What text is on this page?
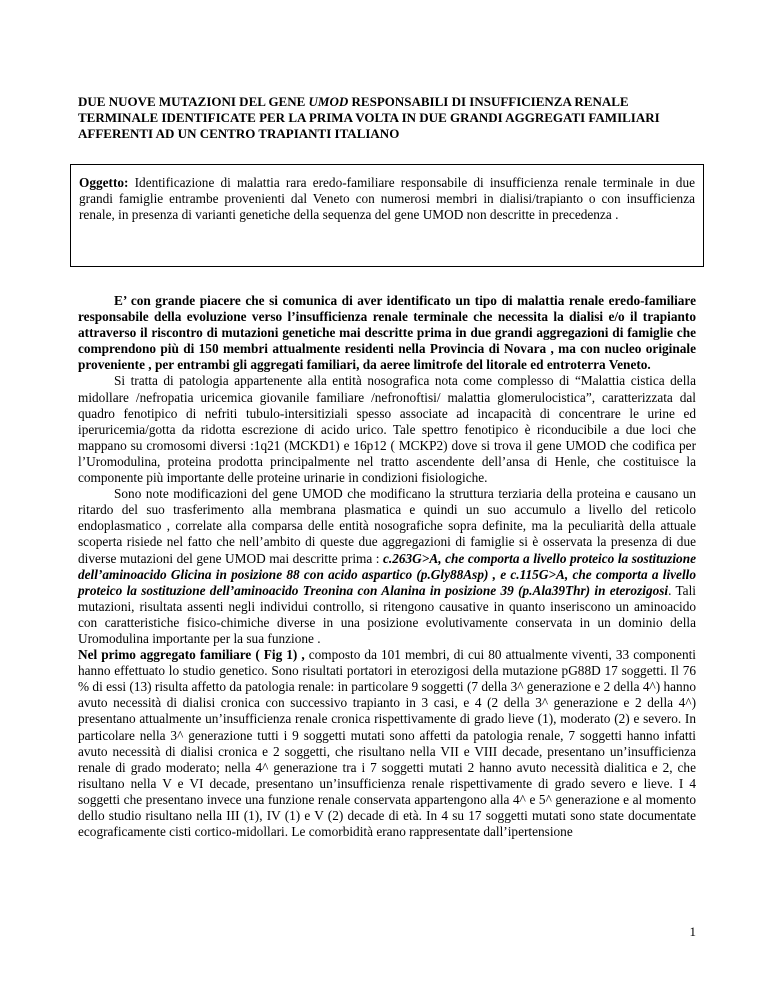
DUE NUOVE MUTAZIONI DEL GENE UMOD RESPONSABILI DI INSUFFICIENZA RENALE TERMINALE IDENTIFICATE PER LA PRIMA VOLTA IN DUE GRANDI AGGREGATI FAMILIARI AFFERENTI AD UN CENTRO TRAPIANTI ITALIANO
Oggetto: Identificazione di malattia rara eredo-familiare responsabile di insufficienza renale terminale in due grandi famiglie entrambe provenienti dal Veneto con numerosi membri in dialisi/trapianto o con insufficienza renale, in presenza di varianti genetiche della sequenza del gene UMOD non descritte in precedenza .

E’ con grande piacere che si comunica di aver identificato un tipo di malattia renale eredo-familiare responsabile della evoluzione verso l’insufficienza renale terminale che necessita la dialisi e/o il trapianto attraverso il riscontro di mutazioni genetiche mai descritte prima in due grandi aggregazioni di famiglie che comprendono più di 150 membri attualmente residenti nella Provincia di Novara , ma con nucleo originale proveniente , per entrambi gli aggregati familiari, da aeree limitrofe del litorale ed entroterra Veneto.

Si tratta di patologia appartenente alla entità nosografica nota come complesso di “Malattia cistica della midollare /nefropatia uricemica giovanile familiare /nefronoftisi/ malattia glomerulocistica”, caratterizzata dal quadro fenotipico di nefriti tubulo-intersitiziali spesso associate ad incapacità di concentrare le urine ed iperuricemia/gotta da ridotta escrezione di acido urico. Tale spettro fenotipico è riconducibile a due loci che mappano su cromosomi diversi :1q21 (MCKD1) e 16p12 ( MCKP2) dove si trova il gene UMOD che codifica per l’Uromodulina, proteina prodotta principalmente nel tratto ascendente dell’ansa di Henle, che costituisce la componente più importante delle proteine urinarie in condizioni fisiologiche.

Sono note modificazioni del gene UMOD che modificano la struttura terziaria della proteina e causano un ritardo del suo trasferimento alla membrana plasmatica e quindi un suo accumulo a livello del reticolo endoplasmatico , correlate alla comparsa delle entità nosografiche sopra definite, ma la peculiarità della attuale scoperta risiede nel fatto che nell’ambito di queste due aggregazioni di famiglie si è osservata la presenza di due diverse mutazioni del gene UMOD mai descritte prima : c.263G>A, che comporta a livello proteico la sostituzione dell’aminoacido Glicina in posizione 88 con acido aspartico (p.Gly88Asp) , e c.115G>A, che comporta a livello proteico la sostituzione dell’aminoacido Treonina con Alanina in posizione 39 (p.Ala39Thr) in eterozigosi. Tali mutazioni, risultata assenti negli individui controllo, si ritengono causative in quanto inseriscono un aminoacido con caratteristiche fisico-chimiche diverse in una posizione evolutivamente conservata in un dominio della Uromodulina importante per la sua funzione .

Nel primo aggregato familiare ( Fig 1) , composto da 101 membri, di cui 80 attualmente viventi, 33 componenti hanno effettuato lo studio genetico. Sono risultati portatori in eterozigosi della mutazione pG88D 17 soggetti. Il 76 % di essi (13) risulta affetto da patologia renale: in particolare 9 soggetti (7 della 3^ generazione e 2 della 4^) hanno avuto necessità di dialisi cronica con successivo trapianto in 3 casi, e 4 (2 della 3^ generazione e 2 della 4^) presentano attualmente un’insufficienza renale cronica rispettivamente di grado lieve (1), moderato (2) e severo. In particolare nella 3^ generazione tutti i 9 soggetti mutati sono affetti da patologia renale, 7 soggetti hanno infatti avuto necessità di dialisi cronica e 2 soggetti, che risultano nella VII e VIII decade, presentano un’insufficienza renale di grado moderato; nella 4^ generazione tra i 7 soggetti mutati 2 hanno avuto necessità dialitica e 2, che risultano nella V e VI decade, presentano un’insufficienza renale rispettivamente di grado severo e lieve. I 4 soggetti che presentano invece una funzione renale conservata appartengono alla 4^ e 5^ generazione e al momento dello studio risultano nella III (1), IV (1) e V (2) decade di età. In 4 su 17 soggetti mutati sono state documentate ecograficamente cisti cortico-midollari. Le comorbidità erano rappresentate dall’ipertensione

1
